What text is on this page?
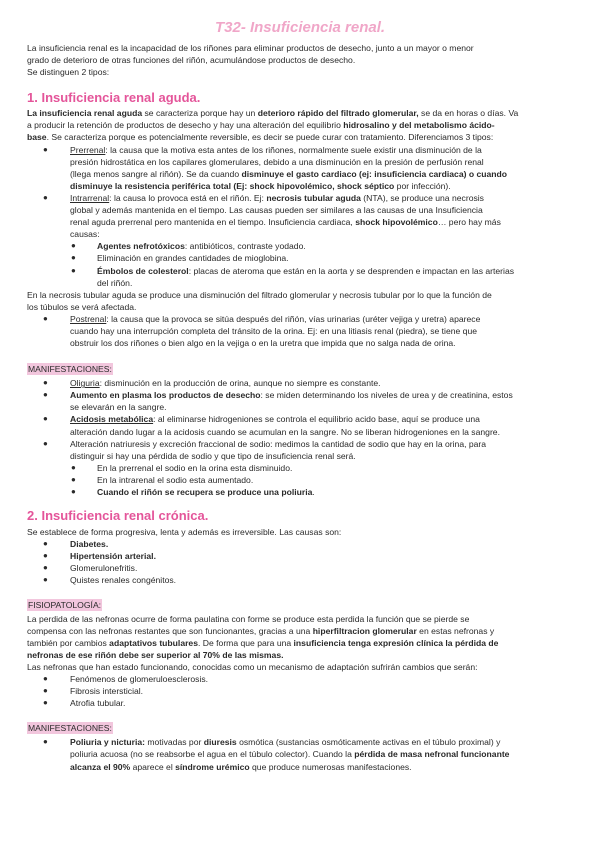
T32- Insuficiencia renal.

La insuficiencia renal es la incapacidad de los riñones para eliminar productos de desecho, junto a un mayor o menor

grado de deterioro de otras funciones del riñón, acumulándose productos de desecho.

Se distinguen 2 tipos:

1. Insuficiencia renal aguda.

La insuficiencia renal aguda se caracteriza porque hay un deterioro rápido del filtrado glomerular, se da en horas o días. Va

a producir la retención de productos de desecho y hay una alteración del equilibrio hidrosalino y del metabolismo ácido-

base. Se caracteriza porque es potencialmente reversible, es decir se puede curar con tratamiento. Diferenciamos 3 tipos:

●	Prerrenal: la causa que la motiva esta antes de los riñones, normalmente suele existir una disminución de la
presión hidrostática en los capilares glomerulares, debido a una disminución en la presión de perfusión renal
(llega menos sangre al riñón). Se da cuando disminuye el gasto cardiaco (ej: insuficiencia cardiaca) o cuando
disminuye la resistencia periférica total (Ej: shock hipovolémico, shock séptico por infección).
●	Intrarrenal: la causa lo provoca está en el riñón. Ej: necrosis tubular aguda (NTA), se produce una necrosis
global y además mantenida en el tiempo. Las causas pueden ser similares a las causas de una Insuficiencia
renal aguda prerrenal pero mantenida en el tiempo. Insuficiencia cardiaca, shock hipovolémico… pero hay más
causas:
● Agentes nefrotóxicos: antibióticos, contraste yodado.
● Eliminación en grandes cantidades de mioglobina.
● Émbolos de colesterol: placas de ateroma que están en la aorta y se desprenden e impactan en las arterias
del riñón.

En la necrosis tubular aguda se produce una disminución del filtrado glomerular y necrosis tubular por lo que la función de

los túbulos se verá afectada.

●	Postrenal: la causa que la provoca se sitúa después del riñón, vías urinarias (uréter vejiga y uretra) aparece
cuando hay una interrupción completa del tránsito de la orina. Ej: en una litiasis renal (piedra), se tiene que
obstruir los dos riñones o bien algo en la vejiga o en la uretra que impida que no salga nada de orina.
MANIFESTACIONES:
●	Oliguria: disminución en la producción de orina, aunque no siempre es constante.
●	Aumento en plasma los productos de desecho: se miden determinando los niveles de urea y de creatinina, estos
se elevarán en la sangre.
●	Acidosis metabólica: al eliminarse hidrogeniones se controla el equilibrio acido base, aquí se produce una
alteración dando lugar a la acidosis cuando se acumulan en la sangre. No se liberan hidrogeniones en la sangre.
●	Alteración natriuresis y excreción fraccional de sodio: medimos la cantidad de sodio que hay en la orina, para
distinguir si hay una pérdida de sodio y que tipo de insuficiencia renal será.
● En la prerrenal el sodio en la orina esta disminuido.
● En la intrarenal el sodio esta aumentado.
● Cuando el riñón se recupera se produce una poliuria.
2. Insuficiencia renal crónica.

Se establece de forma progresiva, lenta y además es irreversible. Las causas son:

●	Diabetes.
●	Hipertensión arterial.
●	Glomerulonefritis.
●	Quistes renales congénitos.
FISIOPATOLOGÍA:

La perdida de las nefronas ocurre de forma paulatina con forme se produce esta perdida la función que se pierde se

compensa con las nefronas restantes que son funcionantes, gracias a una hiperfiltracion glomerular en estas nefronas y

también por cambios adaptativos tubulares. De forma que para una insuficiencia tenga expresión clínica la pérdida de

nefronas de ese riñón debe ser superior al 70% de las mismas.

Las nefronas que han estado funcionando, conocidas como un mecanismo de adaptación sufrirán cambios que serán:

●	Fenómenos de glomeruloesclerosis.
●	Fibrosis intersticial.
●	Atrofia tubular.
MANIFESTACIONES:
●	Poliuria y nicturia: motivadas por diuresis osmótica (sustancias osmóticamente activas en el túbulo proximal) y
poliuria acuosa (no se reabsorbe el agua en el túbulo colector). Cuando la pérdida de masa nefronal funcionante
alcanza el 90% aparece el síndrome urémico que produce numerosas manifestaciones.
